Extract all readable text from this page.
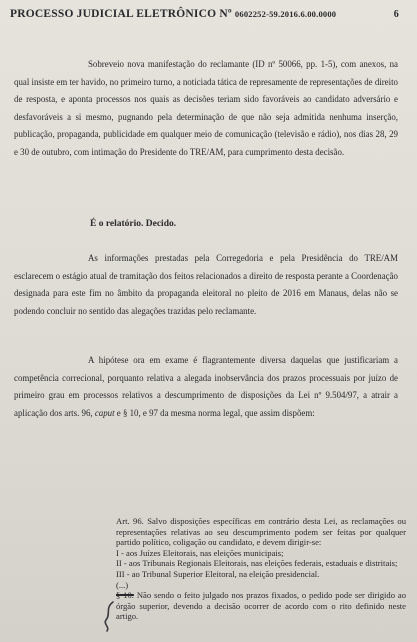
PROCESSO JUDICIAL ELETRÔNICO Nº 0602252-59.2016.6.00.0000	6
Sobreveio nova manifestação do reclamante (ID nº 50066, pp. 1-5), com anexos, na qual insiste em ter havido, no primeiro turno, a noticiada tática de represamente de representações de direito de resposta, e aponta processos nos quais as decisões teriam sido favoráveis ao candidato adversário e desfavoráveis a si mesmo, pugnando pela determinação de que não seja admitida nenhuma inserção, publicação, propaganda, publicidade em qualquer meio de comunicação (televisão e rádio), nos dias 28, 29 e 30 de outubro, com intimação do Presidente do TRE/AM, para cumprimento desta decisão.
É o relatório. Decido.
As informações prestadas pela Corregedoria e pela Presidência do TRE/AM esclarecem o estágio atual de tramitação dos feitos relacionados a direito de resposta perante a Coordenação designada para este fim no âmbito da propaganda eleitoral no pleito de 2016 em Manaus, delas não se podendo concluir no sentido das alegações trazidas pelo reclamante.
A hipótese ora em exame é flagrantemente diversa daquelas que justificariam a competência correcional, porquanto relativa a alegada inobservância dos prazos processuais por juízo de primeiro grau em processos relativos a descumprimento de disposições da Lei nº 9.504/97, a atrair a aplicação dos arts. 96, caput e § 10, e 97 da mesma norma legal, que assim dispõem:
Art. 96. Salvo disposições específicas em contrário desta Lei, as reclamações ou representações relativas ao seu descumprimento podem ser feitas por qualquer partido político, coligação ou candidato, e devem dirigir-se:
I - aos Juízes Eleitorais, nas eleições municipais;
II - aos Tribunais Regionais Eleitorais, nas eleições federais, estaduais e distritais;
III - ao Tribunal Superior Eleitoral, na eleição presidencial.
(...)
§ 10. Não sendo o feito julgado nos prazos fixados, o pedido pode ser dirigido ao órgão superior, devendo a decisão ocorrer de acordo com o rito definido neste artigo.
